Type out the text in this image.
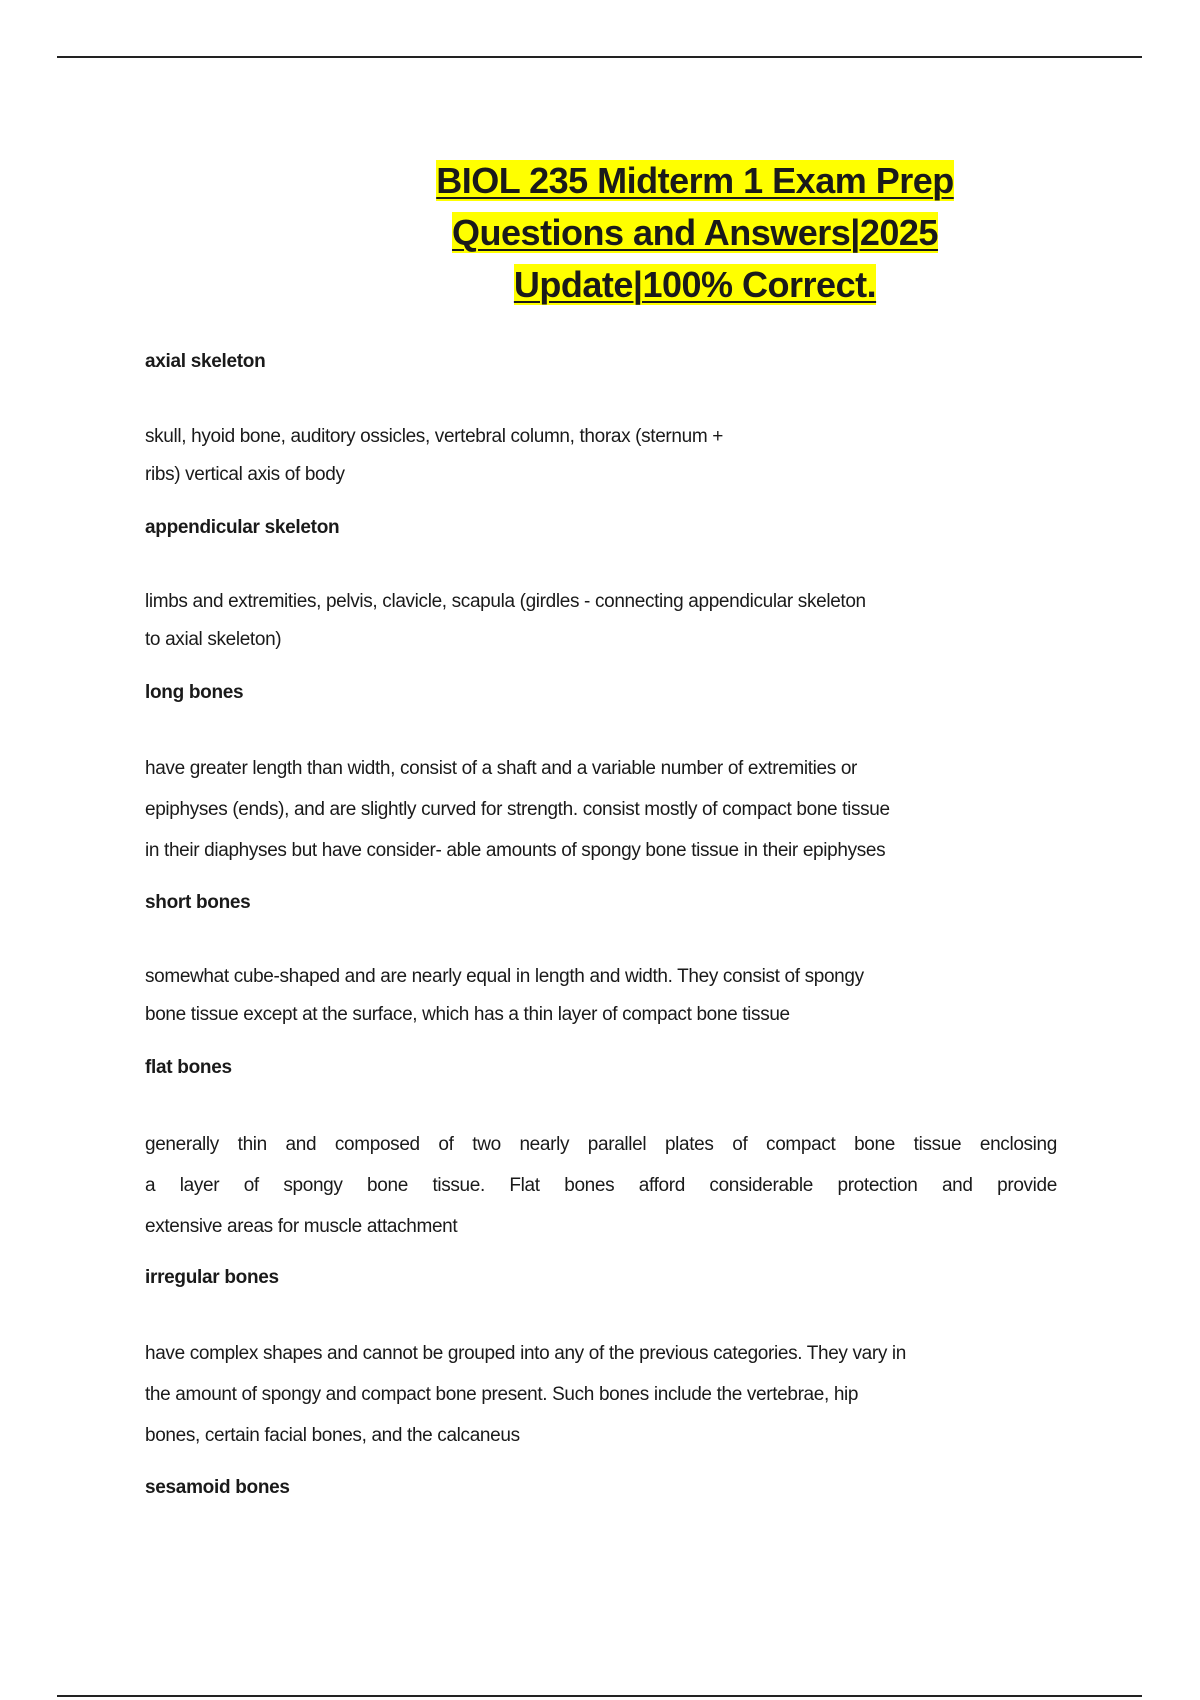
BIOL 235 Midterm 1 Exam Prep
Questions and Answers|2025
Update|100% Correct.
axial skeleton
skull, hyoid bone, auditory ossicles, vertebral column, thorax (sternum +
ribs) vertical axis of body
appendicular skeleton
limbs and extremities, pelvis, clavicle, scapula (girdles - connecting appendicular skeleton
to axial skeleton)
long bones
have greater length than width, consist of a shaft and a variable number of extremities or
epiphyses (ends), and are slightly curved for strength. consist mostly of compact bone tissue
in their diaphyses but have consider- able amounts of spongy bone tissue in their epiphyses
short bones
somewhat cube-shaped and are nearly equal in length and width. They consist of spongy
bone tissue except at the surface, which has a thin layer of compact bone tissue
flat bones
generally thin and composed of two nearly parallel plates of compact bone tissue enclosing
a layer of spongy bone tissue. Flat bones afford considerable protection and provide
extensive areas for muscle attachment
irregular bones
have complex shapes and cannot be grouped into any of the previous categories. They vary in
the amount of spongy and compact bone present. Such bones include the vertebrae, hip
bones, certain facial bones, and the calcaneus
sesamoid bones
